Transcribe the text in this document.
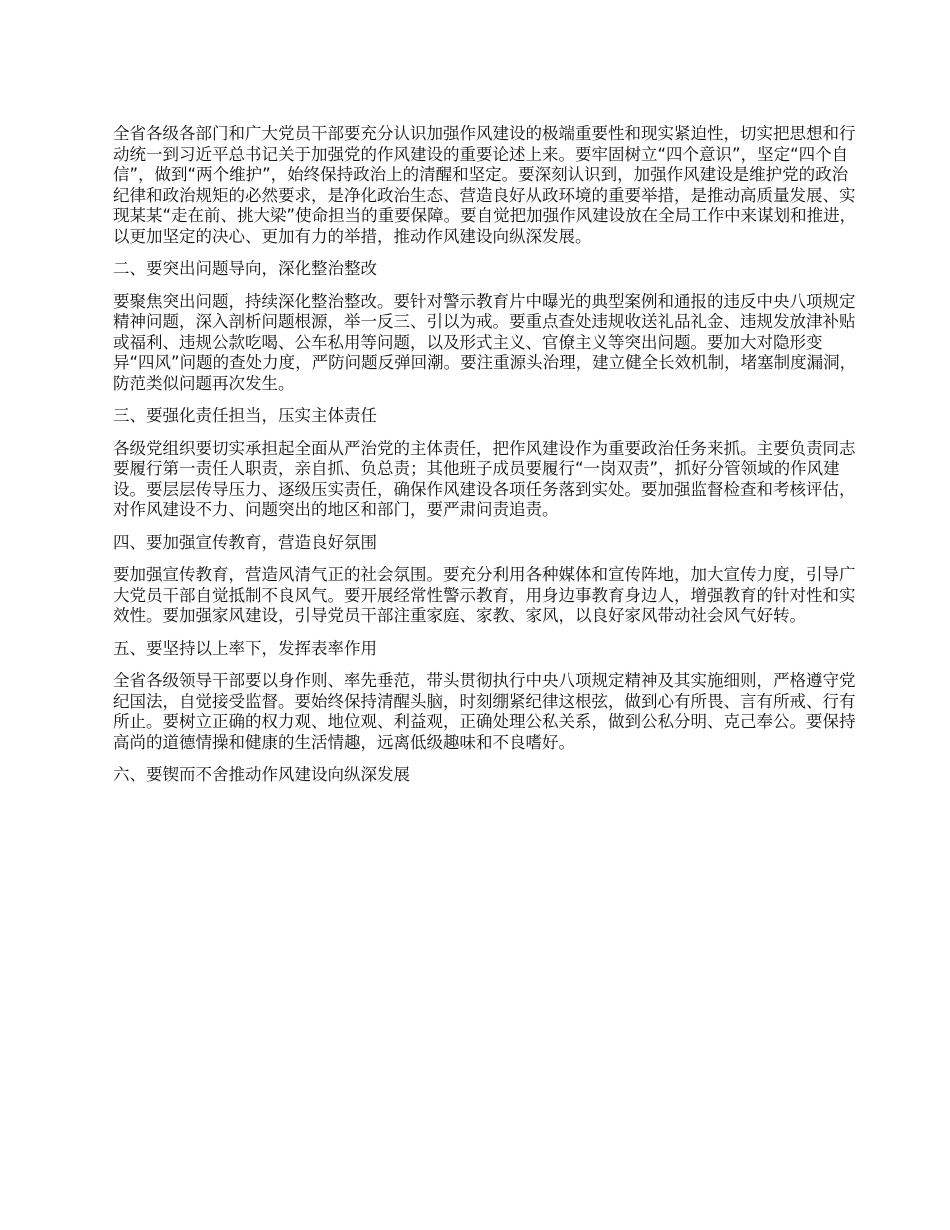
全省各级各部门和广大党员干部要充分认识加强作风建设的极端重要性和现实紧迫性，切实把思想和行动统一到习近平总书记关于加强党的作风建设的重要论述上来。要牢固树立“四个意识”，坚定“四个自信”，做到“两个维护”，始终保持政治上的清醒和坚定。要深刻认识到，加强作风建设是维护党的政治纪律和政治规矩的必然要求，是净化政治生态、营造良好从政环境的重要举措，是推动高质量发展、实现某某“走在前、挑大梁”使命担当的重要保障。要自觉把加强作风建设放在全局工作中来谋划和推进，以更加坚定的决心、更加有力的举措，推动作风建设向纵深发展。

二、要突出问题导向，深化整治整改

要聚焦突出问题，持续深化整治整改。要针对警示教育片中曝光的典型案例和通报的违反中央八项规定精神问题，深入剖析问题根源，举一反三、引以为戒。要重点查处违规收送礼品礼金、违规发放津补贴或福利、违规公款吃喝、公车私用等问题，以及形式主义、官僚主义等突出问题。要加大对隐形变异“四风”问题的查处力度，严防问题反弹回潮。要注重源头治理，建立健全长效机制，堵塞制度漏洞，防范类似问题再次发生。

三、要强化责任担当，压实主体责任

各级党组织要切实承担起全面从严治党的主体责任，把作风建设作为重要政治任务来抓。主要负责同志要履行第一责任人职责，亲自抓、负总责；其他班子成员要履行“一岗双责”，抓好分管领域的作风建设。要层层传导压力、逐级压实责任，确保作风建设各项任务落到实处。要加强监督检查和考核评估，对作风建设不力、问题突出的地区和部门，要严肃问责追责。

四、要加强宣传教育，营造良好氛围

要加强宣传教育，营造风清气正的社会氛围。要充分利用各种媒体和宣传阵地，加大宣传力度，引导广大党员干部自觉抵制不良风气。要开展经常性警示教育，用身边事教育身边人，增强教育的针对性和实效性。要加强家风建设，引导党员干部注重家庭、家教、家风，以良好家风带动社会风气好转。

五、要坚持以上率下，发挥表率作用

全省各级领导干部要以身作则、率先垂范，带头贯彻执行中央八项规定精神及其实施细则，严格遵守党纪国法，自觉接受监督。要始终保持清醒头脑，时刻绷紧纪律这根弦，做到心有所畏、言有所戒、行有所止。要树立正确的权力观、地位观、利益观，正确处理公私关系，做到公私分明、克己奉公。要保持高尚的道德情操和健康的生活情趣，远离低级趣味和不良嗜好。

六、要锲而不舍推动作风建设向纵深发展
